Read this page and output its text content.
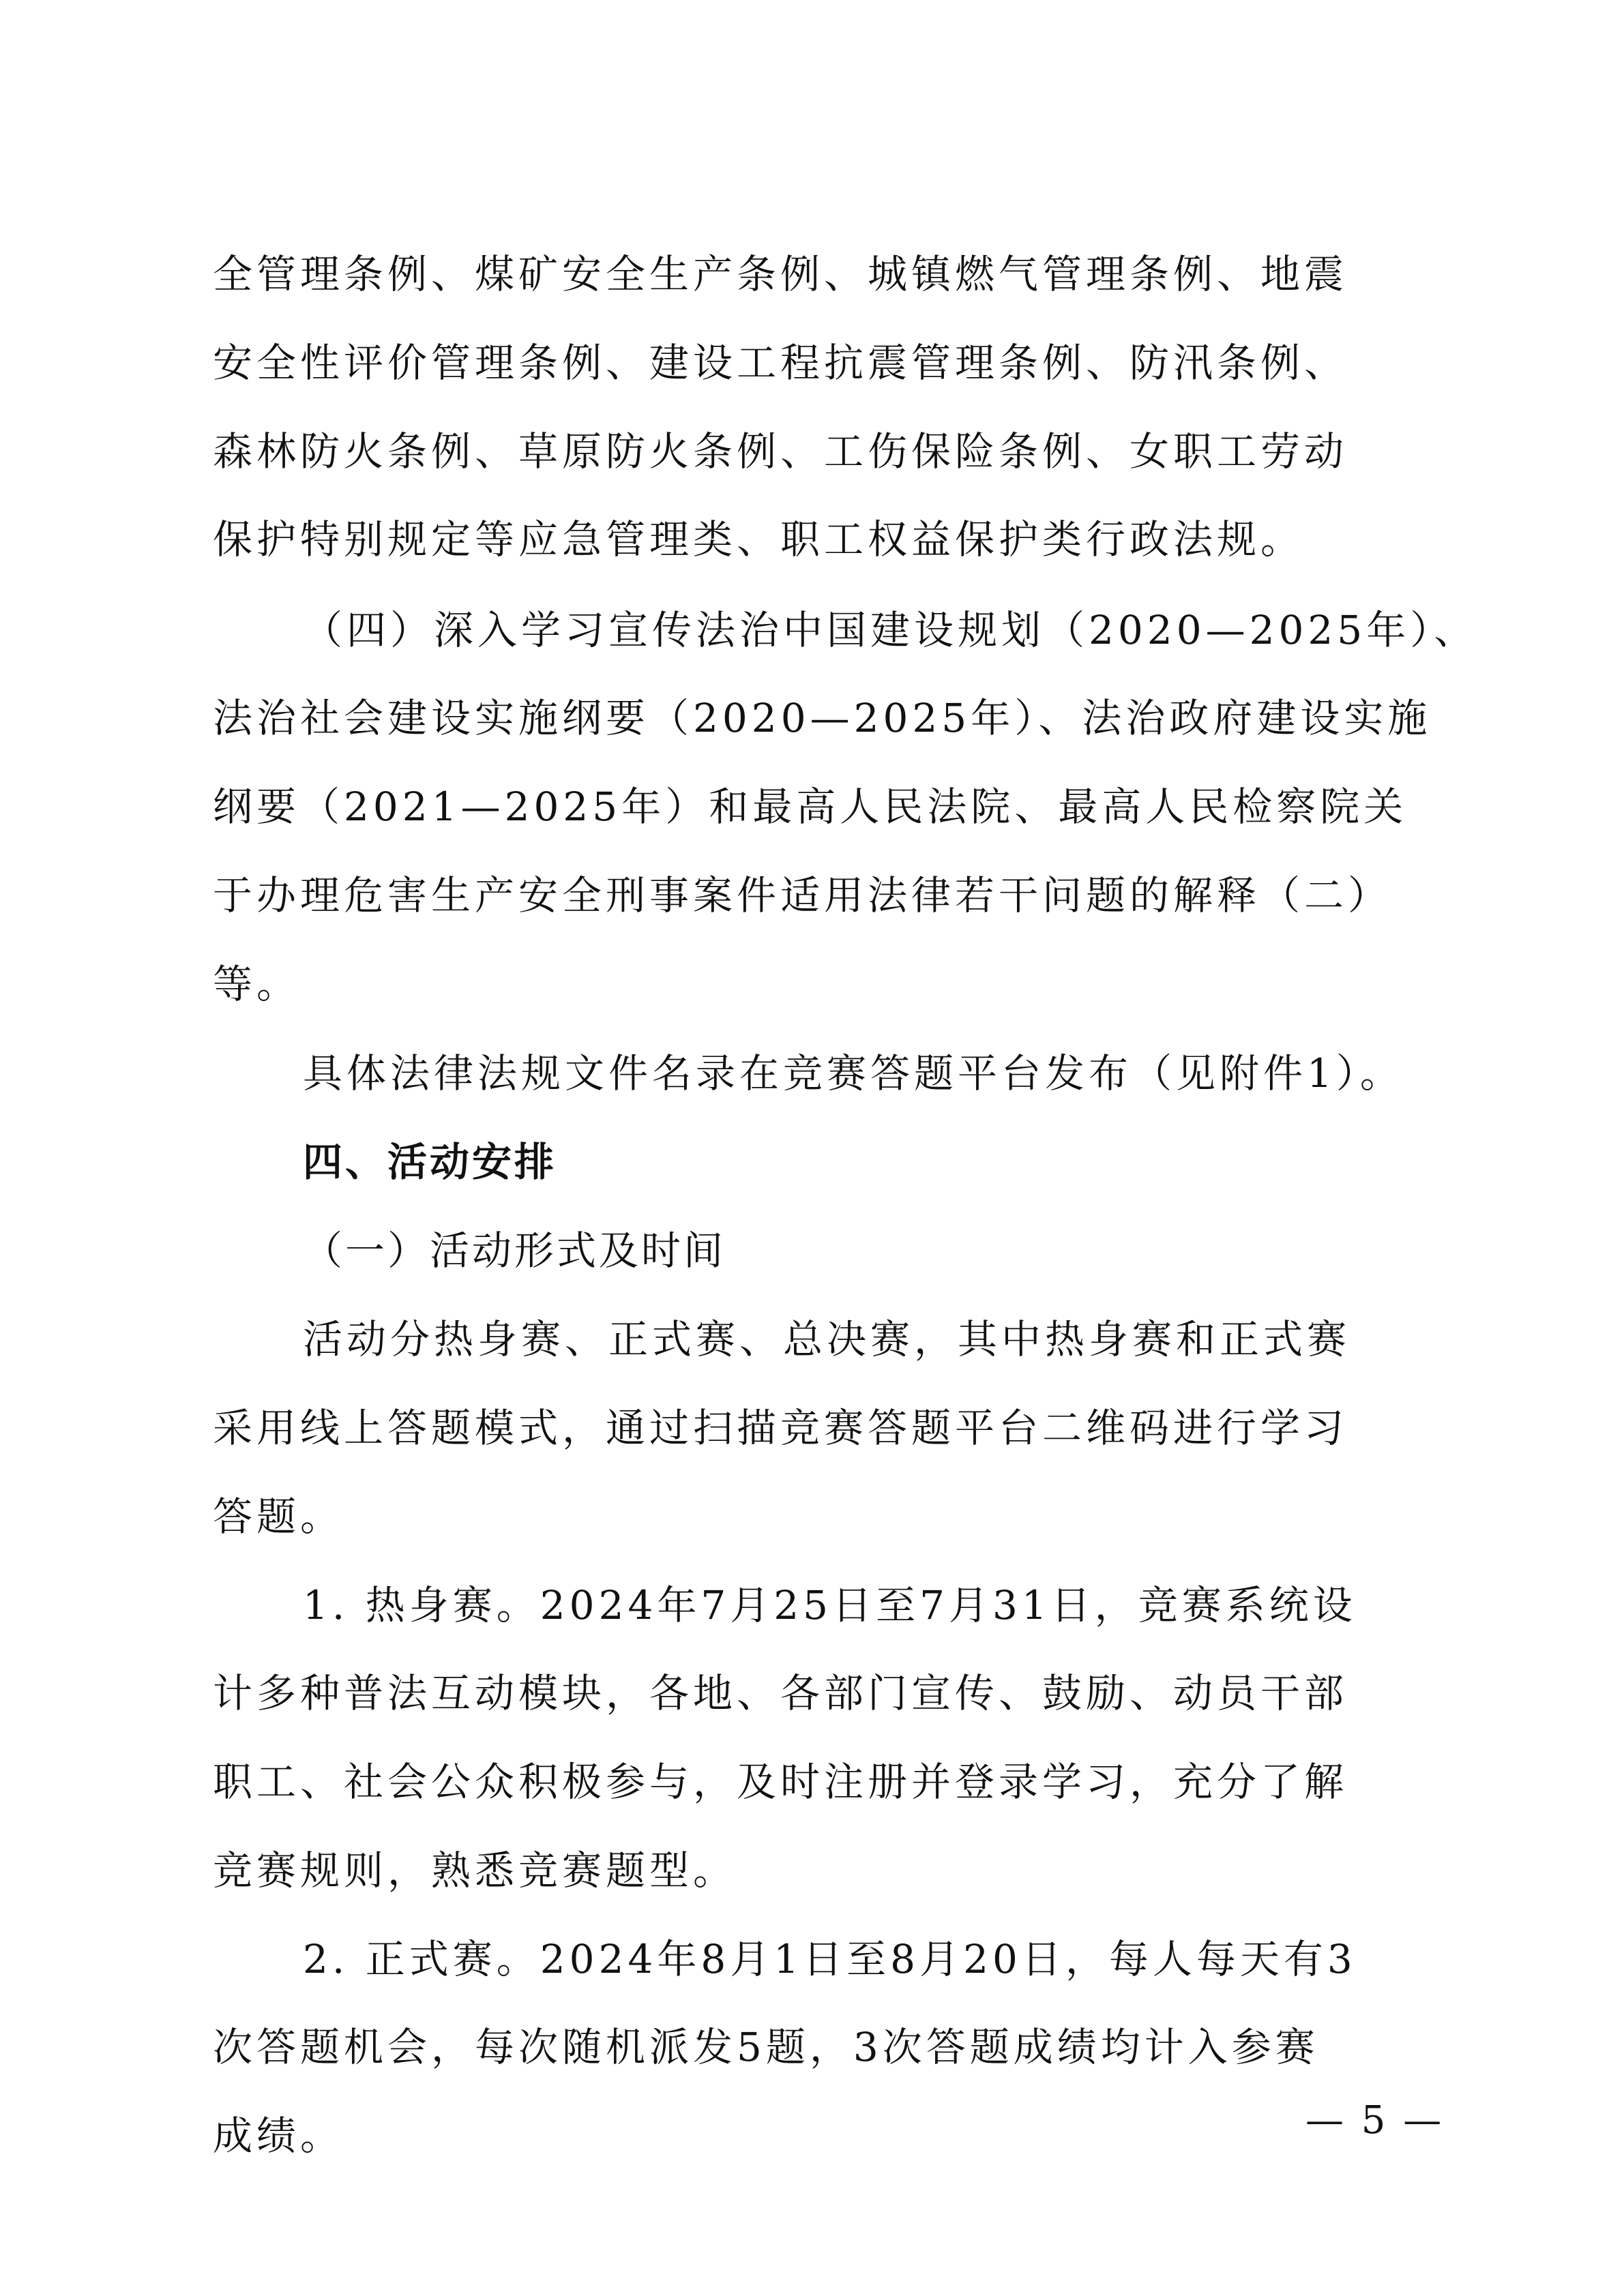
全管理条例、煤矿安全生产条例、城镇燃气管理条例、地震
安全性评价管理条例、建设工程抗震管理条例、防汛条例、
森林防火条例、草原防火条例、工伤保险条例、女职工劳动
保护特别规定等应急管理类、职工权益保护类行政法规。
（四）深入学习宣传法治中国建设规划（2020—2025年）、
法治社会建设实施纲要（2020—2025年）、法治政府建设实施
纲要（2021—2025年）和最高人民法院、最高人民检察院关
于办理危害生产安全刑事案件适用法律若干问题的解释（二）
等。
具体法律法规文件名录在竞赛答题平台发布（见附件1）。
四、活动安排
（一）活动形式及时间
活动分热身赛、正式赛、总决赛，其中热身赛和正式赛
采用线上答题模式，通过扫描竞赛答题平台二维码进行学习
答题。
1. 热身赛。2024年7月25日至7月31日，竞赛系统设
计多种普法互动模块，各地、各部门宣传、鼓励、动员干部
职工、社会公众积极参与，及时注册并登录学习，充分了解
竞赛规则，熟悉竞赛题型。
2. 正式赛。2024年8月1日至8月20日，每人每天有3
次答题机会，每次随机派发5题，3次答题成绩均计入参赛
成绩。	— 5 —
